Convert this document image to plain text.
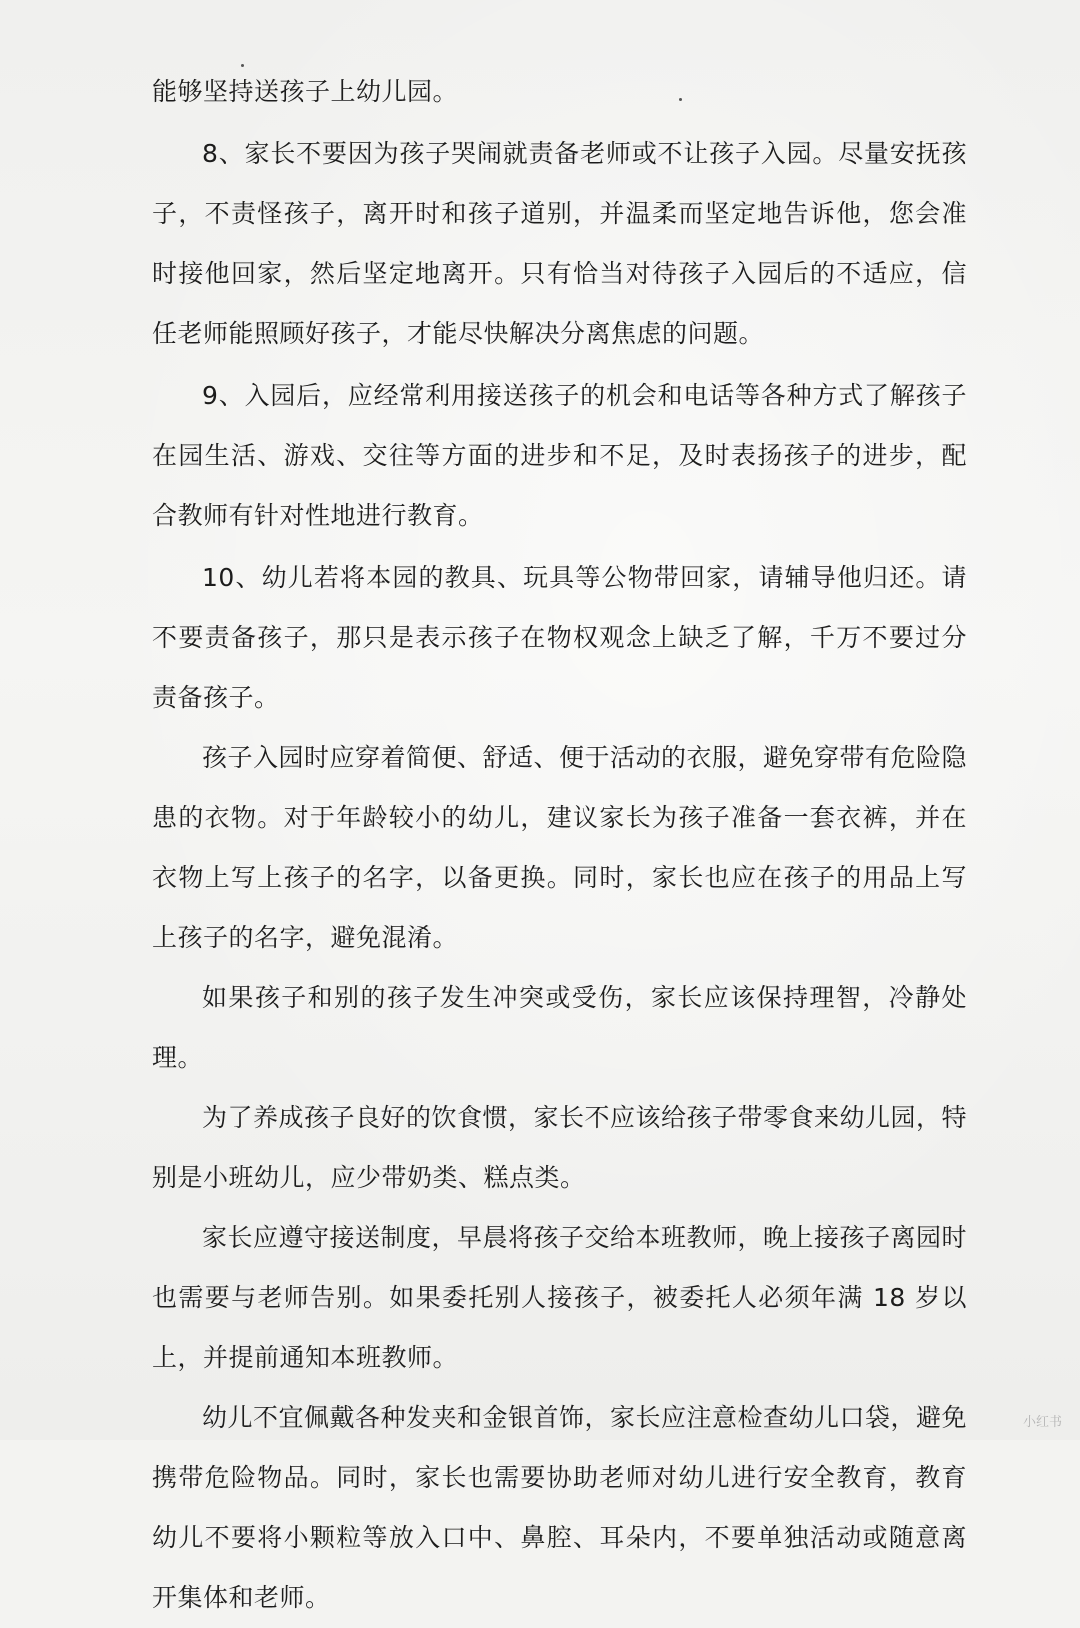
能够坚持送孩子上幼儿园。

8、家长不要因为孩子哭闹就责备老师或不让孩子入园。尽量安抚孩子，不责怪孩子，离开时和孩子道别，并温柔而坚定地告诉他，您会准时接他回家，然后坚定地离开。只有恰当对待孩子入园后的不适应，信任老师能照顾好孩子，才能尽快解决分离焦虑的问题。

9、入园后，应经常利用接送孩子的机会和电话等各种方式了解孩子在园生活、游戏、交往等方面的进步和不足，及时表扬孩子的进步，配合教师有针对性地进行教育。

10、幼儿若将本园的教具、玩具等公物带回家，请辅导他归还。请不要责备孩子，那只是表示孩子在物权观念上缺乏了解，千万不要过分责备孩子。

孩子入园时应穿着简便、舒适、便于活动的衣服，避免穿带有危险隐患的衣物。对于年龄较小的幼儿，建议家长为孩子准备一套衣裤，并在衣物上写上孩子的名字，以备更换。同时，家长也应在孩子的用品上写上孩子的名字，避免混淆。

如果孩子和别的孩子发生冲突或受伤，家长应该保持理智，冷静处理。

为了养成孩子良好的饮食惯，家长不应该给孩子带零食来幼儿园，特别是小班幼儿，应少带奶类、糕点类。

家长应遵守接送制度，早晨将孩子交给本班教师，晚上接孩子离园时也需要与老师告别。如果委托别人接孩子，被委托人必须年满 18 岁以上，并提前通知本班教师。

幼儿不宜佩戴各种发夹和金银首饰，家长应注意检查幼儿口袋，避免携带危险物品。同时，家长也需要协助老师对幼儿进行安全教育，教育幼儿不要将小颗粒等放入口中、鼻腔、耳朵内，不要单独活动或随意离开集体和老师。

小红书
